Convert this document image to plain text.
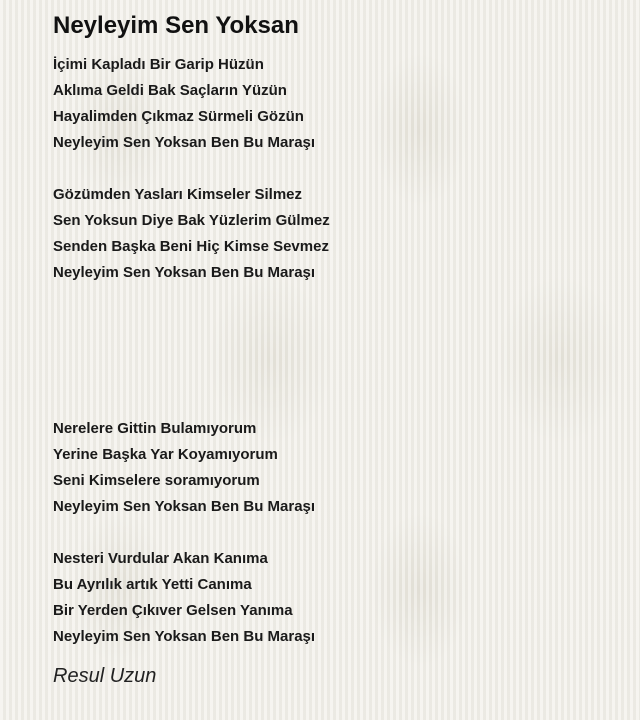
Neyleyim Sen Yoksan
İçimi Kapladı Bir Garip Hüzün
Aklıma Geldi Bak Saçların Yüzün
Hayalimden Çıkmaz Sürmeli Gözün
Neyleyim Sen Yoksan Ben Bu Maraşı
Gözümden Yasları Kimseler Silmez
Sen Yoksun Diye Bak Yüzlerim Gülmez
Senden Başka Beni Hiç Kimse Sevmez
Neyleyim Sen Yoksan Ben Bu Maraşı
Nerelere Gittin Bulamıyorum
Yerine Başka Yar Koyamıyorum
Seni Kimselere soramıyorum
Neyleyim Sen Yoksan Ben Bu Maraşı
Nesteri Vurdular Akan Kanıma
Bu Ayrılık artık Yetti Canıma
Bir Yerden Çıkıver Gelsen Yanıma
Neyleyim Sen Yoksan Ben Bu Maraşı
Resul Uzun
